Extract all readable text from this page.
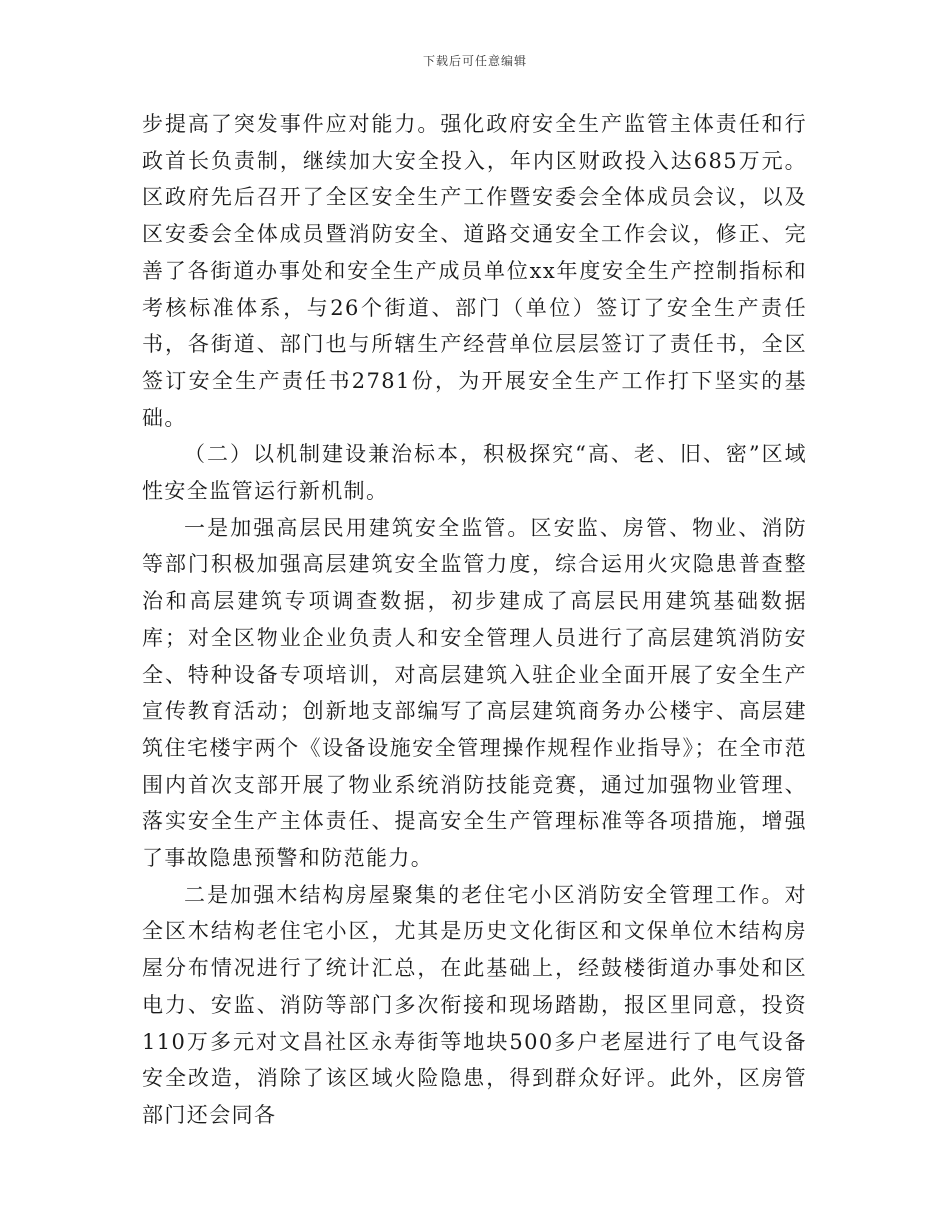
下载后可任意编辑

步提高了突发事件应对能力。强化政府安全生产监管主体责任和行政首长负责制，继续加大安全投入，年内区财政投入达685万元。区政府先后召开了全区安全生产工作暨安委会全体成员会议，以及区安委会全体成员暨消防安全、道路交通安全工作会议，修正、完善了各街道办事处和安全生产成员单位xx年度安全生产控制指标和考核标准体系，与26个街道、部门（单位）签订了安全生产责任书，各街道、部门也与所辖生产经营单位层层签订了责任书，全区签订安全生产责任书2781份，为开展安全生产工作打下坚实的基础。

（二）以机制建设兼治标本，积极探究“高、老、旧、密”区域性安全监管运行新机制。

一是加强高层民用建筑安全监管。区安监、房管、物业、消防等部门积极加强高层建筑安全监管力度，综合运用火灾隐患普查整治和高层建筑专项调查数据，初步建成了高层民用建筑基础数据库；对全区物业企业负责人和安全管理人员进行了高层建筑消防安全、特种设备专项培训，对高层建筑入驻企业全面开展了安全生产宣传教育活动；创新地支部编写了高层建筑商务办公楼宇、高层建筑住宅楼宇两个《设备设施安全管理操作规程作业指导》；在全市范围内首次支部开展了物业系统消防技能竞赛，通过加强物业管理、落实安全生产主体责任、提高安全生产管理标准等各项措施，增强了事故隐患预警和防范能力。

二是加强木结构房屋聚集的老住宅小区消防安全管理工作。对全区木结构老住宅小区，尤其是历史文化街区和文保单位木结构房屋分布情况进行了统计汇总，在此基础上，经鼓楼街道办事处和区电力、安监、消防等部门多次衔接和现场踏勘，报区里同意，投资110万多元对文昌社区永寿街等地块500多户老屋进行了电气设备安全改造，消除了该区域火险隐患，得到群众好评。此外，区房管部门还会同各
